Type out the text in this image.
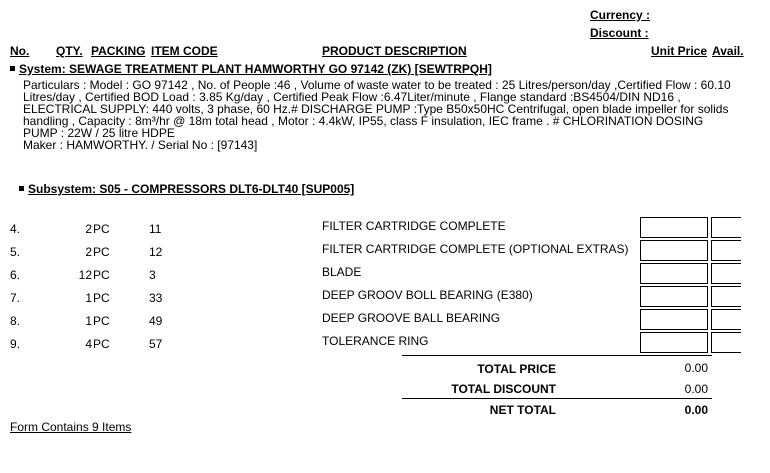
Currency :
Discount :
No. QTY. PACKING ITEM CODE	PRODUCT DESCRIPTION	Unit Price Avail.
System: SEWAGE TREATMENT PLANT HAMWORTHY GO 97142 (ZK) [SEWTRPQH]
Particulars : Model : GO 97142 , No. of People :46 , Volume of waste water to be treated : 25 Litres/person/day ,Certified Flow : 60.10
Litres/day , Certified BOD Load : 3.85 Kg/day , Certified Peak Flow :6.47Liter/minute , Flange standard :BS4504/DIN ND16 ,
ELECTRICAL SUPPLY: 440 volts, 3 phase, 60 Hz.# DISCHARGE PUMP :Type B50x50HC Centrifugal, open blade impeller for solids
handling , Capacity : 8m³/hr @ 18m total head , Motor : 4.4kW, IP55, class F insulation, IEC frame . # CHLORINATION DOSING
PUMP : 22W / 25 litre HDPE
Maker : HAMWORTHY. / Serial No : [97143]
Subsystem: S05 - COMPRESSORS DLT6-DLT40 [SUP005]
4.	2 PC	11	FILTER CARTRIDGE COMPLETE
5.	2 PC	12	FILTER CARTRIDGE COMPLETE (OPTIONAL EXTRAS)
6.	12 PC	3	BLADE
7.	1 PC	33	DEEP GROOV BOLL BEARING (E380)
8.	1 PC	49	DEEP GROOVE BALL BEARING
9.	4 PC	57	TOLERANCE RING
TOTAL PRICE	0.00
TOTAL DISCOUNT	0.00
NET TOTAL	0.00
Form Contains 9 Items
